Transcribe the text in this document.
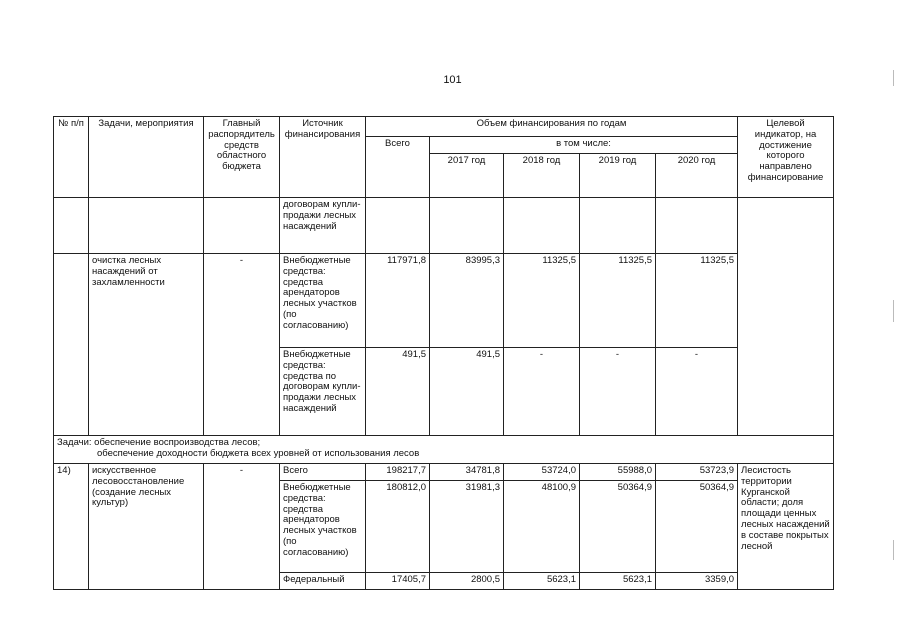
101
№ п/п	Задачи, мероприятия	Главный распорядитель средств областного бюджета	Источник финансирования	Объем финансирования по годам					Целевой индикатор, на достижение которого направлено финансирование
				Всего	в том числе:				
					2017 год	2018 год	2019 год	2020 год	
			договорам купли-продажи лесных насаждений						
	очистка лесных насаждений от захламленности	-	Внебюджетные средства: средства арендаторов лесных участков (по согласованию)	117971,8	83995,3	11325,5	11325,5	11325,5	
			Внебюджетные средства: средства по договорам купли-продажи лесных насаждений	491,5	491,5	-	-	-	
Задачи: обеспечение воспроизводства лесов;
обеспечение доходности бюджета всех уровней от использования лесов									

14)	искусственное лесовосстановление (создание лесных культур)	-	Всего	198217,7	34781,8	53724,0	55988,0	53723,9	Лесистость территории Курганской области; доля площади ценных лесных насаждений в составе покрытых лесной
			Внебюджетные средства: средства арендаторов лесных участков (по согласованию)	180812,0	31981,3	48100,9	50364,9	50364,9	
			Федеральный	17405,7	2800,5	5623,1	5623,1	3359,0	
